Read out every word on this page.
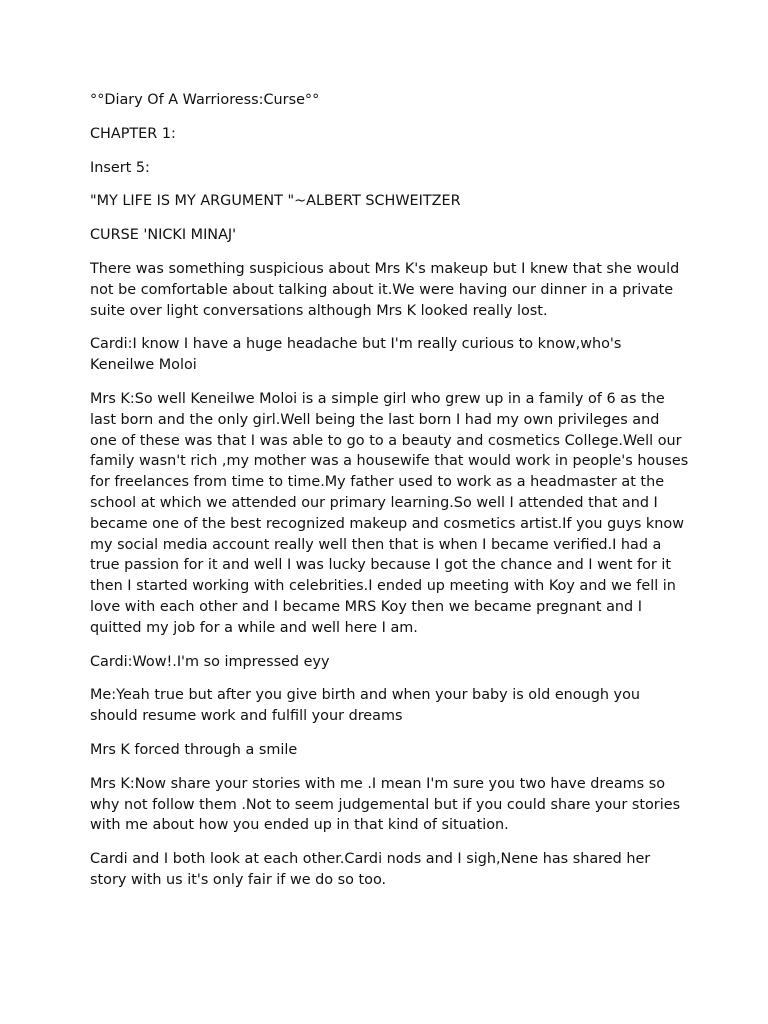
°°Diary Of A Warrioress:Curse°°

CHAPTER 1:

Insert 5:

"MY LIFE IS MY ARGUMENT "~ALBERT SCHWEITZER

CURSE 'NICKI MINAJ'

There was something suspicious about Mrs K's makeup but I knew that she would not be comfortable about talking about it.We were having our dinner in a private suite over light conversations although Mrs K looked really lost.

Cardi:I know I have a huge headache but I'm really curious to know,who's Keneilwe Moloi

Mrs K:So well Keneilwe Moloi is a simple girl who grew up in a family of 6 as the last born and the only girl.Well being the last born I had my own privileges and one of these was that I was able to go to a beauty and cosmetics College.Well our family wasn't rich ,my mother was a housewife that would work in people's houses for freelances from time to time.My father used to work as a headmaster at the school at which we attended our primary learning.So well I attended that and I became one of the best recognized makeup and cosmetics artist.If you guys know my social media account really well then that is when I became verified.I had a true passion for it and well I was lucky because I got the chance and I went for it then I started working with celebrities.I ended up meeting with Koy and we fell in love with each other and I became MRS Koy then we became pregnant and I quitted my job for a while and well here I am.

Cardi:Wow!.I'm so impressed eyy

Me:Yeah true but after you give birth and when your baby is old enough you should resume work and fulfill your dreams

Mrs K forced through a smile

Mrs K:Now share your stories with me .I mean I'm sure you two have dreams so why not follow them .Not to seem judgemental but if you could share your stories with me about how you ended up in that kind of situation.

Cardi and I both look at each other.Cardi nods and I sigh,Nene has shared her story with us it's only fair if we do so too.
